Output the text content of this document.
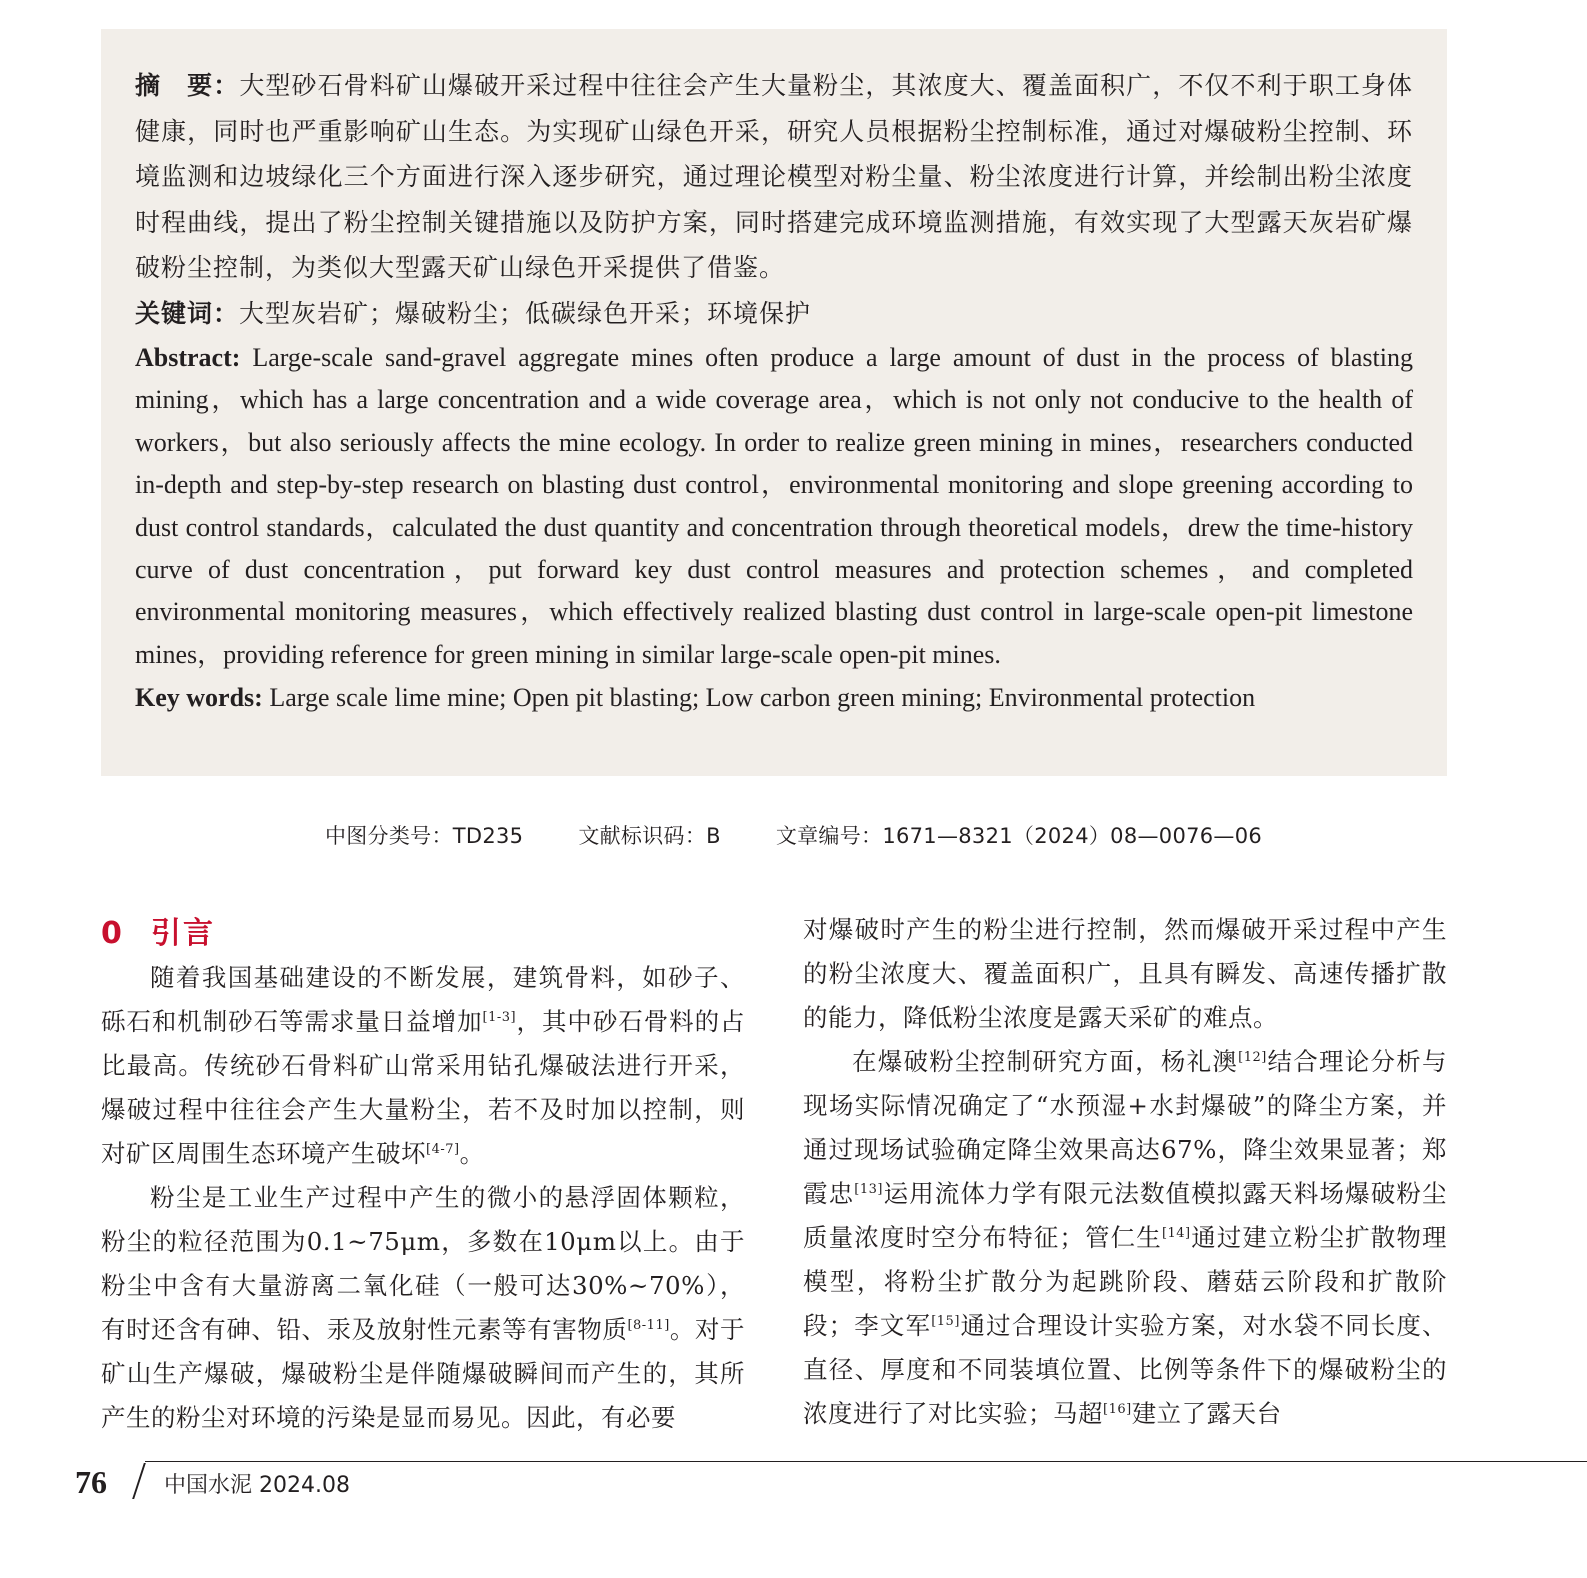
摘　要：大型砂石骨料矿山爆破开采过程中往往会产生大量粉尘，其浓度大、覆盖面积广，不仅不利于职工身体健康，同时也严重影响矿山生态。为实现矿山绿色开采，研究人员根据粉尘控制标准，通过对爆破粉尘控制、环境监测和边坡绿化三个方面进行深入逐步研究，通过理论模型对粉尘量、粉尘浓度进行计算，并绘制出粉尘浓度时程曲线，提出了粉尘控制关键措施以及防护方案，同时搭建完成环境监测措施，有效实现了大型露天灰岩矿爆破粉尘控制，为类似大型露天矿山绿色开采提供了借鉴。

关键词：大型灰岩矿；爆破粉尘；低碳绿色开采；环境保护

Abstract: Large-scale sand-gravel aggregate mines often produce a large amount of dust in the process of blasting mining，which has a large concentration and a wide coverage area，which is not only not conducive to the health of workers，but also seriously affects the mine ecology. In order to realize green mining in mines，researchers conducted in-depth and step-by-step research on blasting dust control，environmental monitoring and slope greening according to dust control standards，calculated the dust quantity and concentration through theoretical models，drew the time-history curve of dust concentration，put forward key dust control measures and protection schemes，and completed environmental monitoring measures，which effectively realized blasting dust control in large-scale open-pit limestone mines，providing reference for green mining in similar large-scale open-pit mines.

Key words: Large scale lime mine; Open pit blasting; Low carbon green mining; Environmental protection

中图分类号：TD235	文献标识码：B	文章编号：1671—8321（2024）08—0076—06
0 引言

随着我国基础建设的不断发展，建筑骨料，如砂子、砾石和机制砂石等需求量日益增加[1-3]，其中砂石骨料的占比最高。传统砂石骨料矿山常采用钻孔爆破法进行开采，爆破过程中往往会产生大量粉尘，若不及时加以控制，则对矿区周围生态环境产生破坏[4-7]。

粉尘是工业生产过程中产生的微小的悬浮固体颗粒，粉尘的粒径范围为0.1~75μm，多数在10μm以上。由于粉尘中含有大量游离二氧化硅（一般可达30%~70%），有时还含有砷、铅、汞及放射性元素等有害物质[8-11]。对于矿山生产爆破，爆破粉尘是伴随爆破瞬间而产生的，其所产生的粉尘对环境的污染是显而易见。因此，有必要

对爆破时产生的粉尘进行控制，然而爆破开采过程中产生的粉尘浓度大、覆盖面积广，且具有瞬发、高速传播扩散的能力，降低粉尘浓度是露天采矿的难点。

在爆破粉尘控制研究方面，杨礼澳[12]结合理论分析与现场实际情况确定了“水预湿+水封爆破”的降尘方案，并通过现场试验确定降尘效果高达67%，降尘效果显著；郑霞忠[13]运用流体力学有限元法数值模拟露天料场爆破粉尘质量浓度时空分布特征；管仁生[14]通过建立粉尘扩散物理模型，将粉尘扩散分为起跳阶段、蘑菇云阶段和扩散阶段；李文军[15]通过合理设计实验方案，对水袋不同长度、直径、厚度和不同装填位置、比例等条件下的爆破粉尘的浓度进行了对比实验；马超[16]建立了露天台

76	中国水泥 2024.08
